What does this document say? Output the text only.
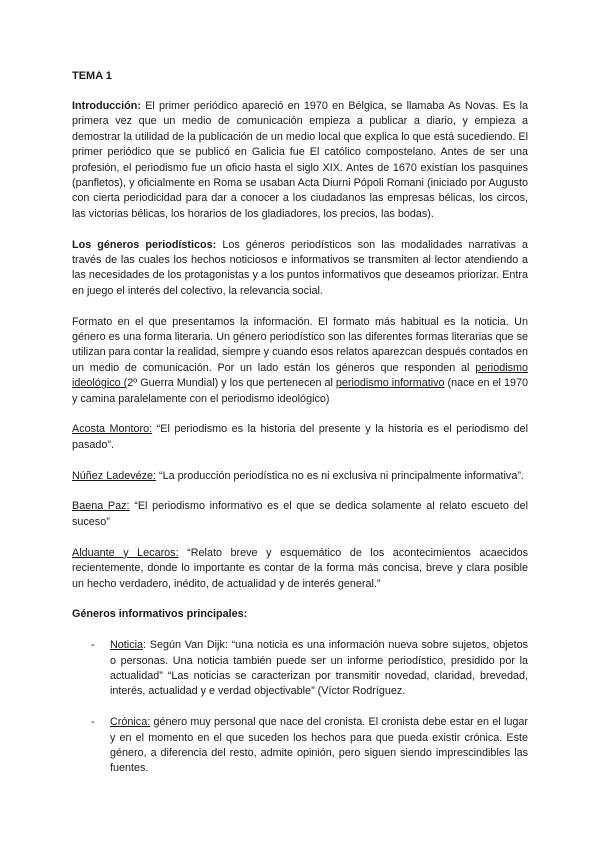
TEMA 1

Introducción: El primer periódico apareció en 1970 en Bélgica, se llamaba As Novas. Es la primera vez que un medio de comunicación empieza a publicar a diario, y empieza a demostrar la utilidad de la publicación de un medio local que explica lo que está sucediendo. El primer periódico que se publicó en Galicia fue El católico compostelano. Antes de ser una profesión, el periodismo fue un oficio hasta el siglo XIX. Antes de 1670 existían los pasquines (panfletos), y oficialmente en Roma se usaban Acta Diurni Pópoli Romani (iniciado por Augusto con cierta periodicidad para dar a conocer a los ciudadanos las empresas bélicas, los circos, las victorias bélicas, los horarios de los gladiadores, los precios, las bodas).

Los géneros periodísticos: Los géneros periodísticos son las modalidades narrativas a través de las cuales los hechos noticiosos e informativos se transmiten al lector atendiendo a las necesidades de los protagonistas y a los puntos informativos que deseamos priorizar. Entra en juego el interés del colectivo, la relevancia social.

Formato en el que presentamos la información. El formato más habitual es la noticia. Un género es una forma literaria. Un género periodístico son las diferentes formas literarias que se utilizan para contar la realidad, siempre y cuando esos relatos aparezcan después contados en un medio de comunicación. Por un lado están los géneros que responden al periodismo ideológico (2º Guerra Mundial) y los que pertenecen al periodismo informativo (nace en el 1970 y camina paralelamente con el periodismo ideológico)

Acosta Montoro: “El periodismo es la historia del presente y la historia es el periodismo del pasado”.

Núñez Ladevéze: “La producción periodística no es ni exclusiva ni principalmente informativa”.

Baena Paz: “El periodismo informativo es el que se dedica solamente al relato escueto del suceso”

Alduante y Lecaros: “Relato breve y esquemático de los acontecimientos acaecidos recientemente, donde lo importante es contar de la forma más concisa, breve y clara posible un hecho verdadero, inédito, de actualidad y de interés general.”

Géneros informativos principales:
- Noticia: Según Van Dijk: “una noticia es una información nueva sobre sujetos, objetos o personas. Una noticia también puede ser un informe periodístico, presidido por la actualidad” “Las noticias se caracterizan por transmitir novedad, claridad, brevedad, interés, actualidad y e verdad objectivable” (Víctor Rodríguez.
- Crónica: género muy personal que nace del cronista. El cronista debe estar en el lugar y en el momento en el que suceden los hechos para que pueda existir crónica. Este género, a diferencia del resto, admite opinión, pero siguen siendo imprescindibles las fuentes.
